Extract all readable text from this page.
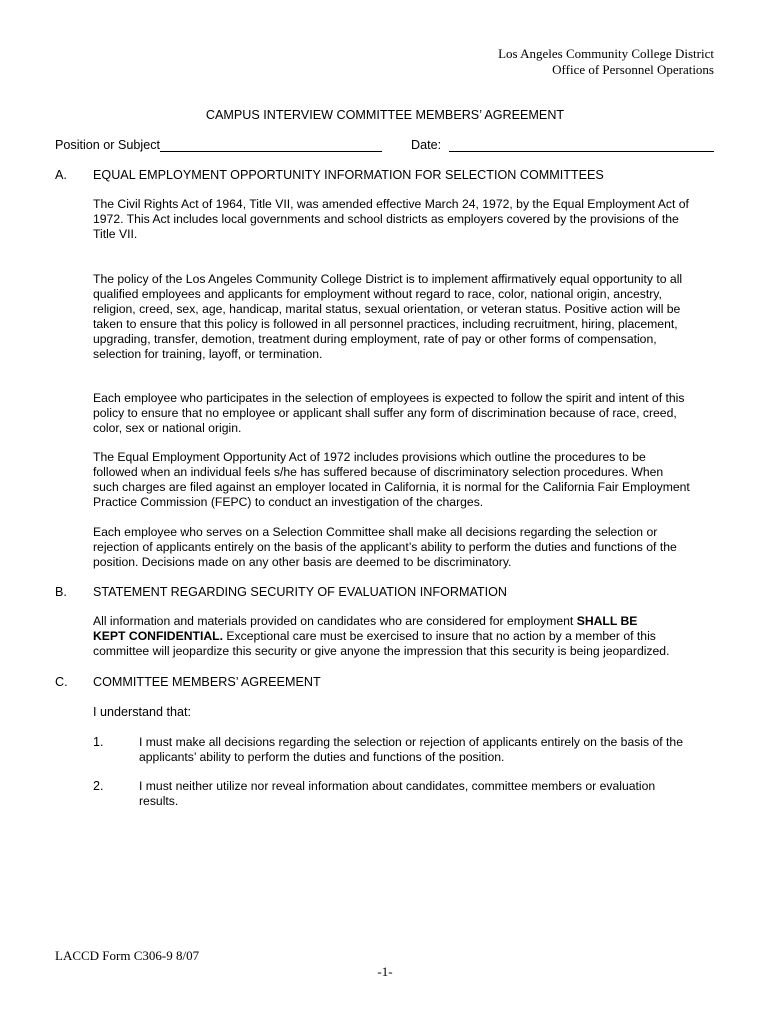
Los Angeles Community College District
Office of Personnel Operations
CAMPUS INTERVIEW COMMITTEE MEMBERS’ AGREEMENT
Position or Subject	Date:
A. EQUAL EMPLOYMENT OPPORTUNITY INFORMATION FOR SELECTION COMMITTEES
The Civil Rights Act of 1964, Title VII, was amended effective March 24, 1972, by the Equal Employment Act of
1972. This Act includes local governments and school districts as employers covered by the provisions of the
Title VII.
The policy of the Los Angeles Community College District is to implement affirmatively equal opportunity to all
qualified employees and applicants for employment without regard to race, color, national origin, ancestry,
religion, creed, sex, age, handicap, marital status, sexual orientation, or veteran status. Positive action will be
taken to ensure that this policy is followed in all personnel practices, including recruitment, hiring, placement,
upgrading, transfer, demotion, treatment during employment, rate of pay or other forms of compensation,
selection for training, layoff, or termination.
Each employee who participates in the selection of employees is expected to follow the spirit and intent of this
policy to ensure that no employee or applicant shall suffer any form of discrimination because of race, creed,
color, sex or national origin.
The Equal Employment Opportunity Act of 1972 includes provisions which outline the procedures to be
followed when an individual feels s/he has suffered because of discriminatory selection procedures. When
such charges are filed against an employer located in California, it is normal for the California Fair Employment
Practice Commission (FEPC) to conduct an investigation of the charges.
Each employee who serves on a Selection Committee shall make all decisions regarding the selection or
rejection of applicants entirely on the basis of the applicant’s ability to perform the duties and functions of the
position. Decisions made on any other basis are deemed to be discriminatory.
B. STATEMENT REGARDING SECURITY OF EVALUATION INFORMATION
All information and materials provided on candidates who are considered for employment SHALL BE
KEPT CONFIDENTIAL. Exceptional care must be exercised to insure that no action by a member of this
committee will jeopardize this security or give anyone the impression that this security is being jeopardized.
C. COMMITTEE MEMBERS’ AGREEMENT
I understand that:
1.	I must make all decisions regarding the selection or rejection of applicants entirely on the basis of the
applicants’ ability to perform the duties and functions of the position.
2.	I must neither utilize nor reveal information about candidates, committee members or evaluation
results.
LACCD Form C306-9 8/07
-1-
